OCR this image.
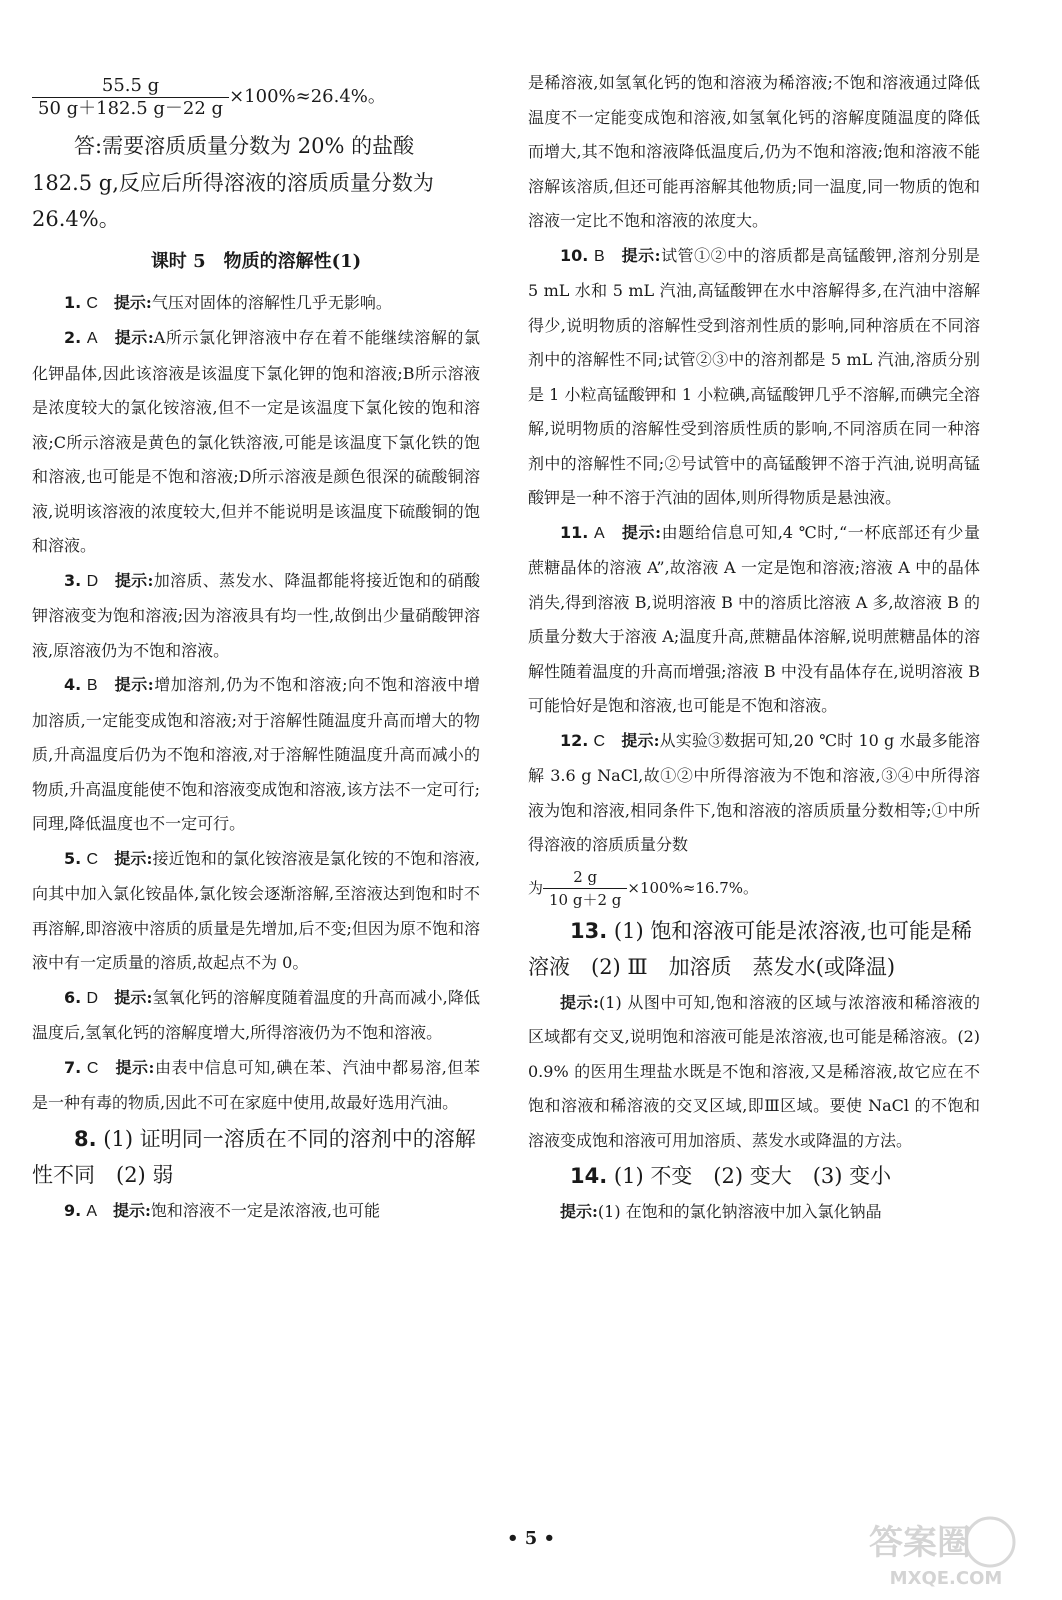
$\frac{55.5 g}{50 g+182.5 g-22 g} \times 100\%\approx 26.4\%$。

答:需要溶质质量分数为 20% 的盐酸 182.5 g,反应后所得溶液的溶质质量分数为 26.4%。

课时 5　物质的溶解性(1)

1. C　 提示:气压对固体的溶解性几乎无影响。

2. A　 提示:A所示氯化钾溶液中存在着不能继续溶解的氯化钾晶体,因此该溶液是该温度下氯化钾的饱和溶液;B所示溶液是浓度较大的氯化铵溶液,但不一定是该温度下氯化铵的饱和溶液;C所示溶液是黄色的氯化铁溶液,可能是该温度下氯化铁的饱和溶液,也可能是不饱和溶液;D所示溶液是颜色很深的硫酸铜溶液,说明该溶液的浓度较大,但并不能说明是该温度下硫酸铜的饱和溶液。

3. D　 提示:加溶质、蒸发水、降温都能将接近饱和的硝酸钾溶液变为饱和溶液;因为溶液具有均一性,故倒出少量硝酸钾溶液,原溶液仍为不饱和溶液。

4. B　 提示:增加溶剂,仍为不饱和溶液;向不饱和溶液中增加溶质,一定能变成饱和溶液;对于溶解性随温度升高而增大的物质,升高温度后仍为不饱和溶液,对于溶解性随温度升高而减小的物质,升高温度能使不饱和溶液变成饱和溶液,该方法不一定可行;同理,降低温度也不一定可行。

5. C　 提示:接近饱和的氯化铵溶液是氯化铵的不饱和溶液,向其中加入氯化铵晶体,氯化铵会逐渐溶解,至溶液达到饱和时不再溶解,即溶液中溶质的质量是先增加,后不变;但因为原不饱和溶液中有一定质量的溶质,故起点不为 0。

6. D　 提示:氢氧化钙的溶解度随着温度的升高而减小,降低温度后,氢氧化钙的溶解度增大,所得溶液仍为不饱和溶液。

7. C　 提示:由表中信息可知,碘在苯、汽油中都易溶,但苯是一种有毒的物质,因此不可在家庭中使用,故最好选用汽油。

8. (1) 证明同一溶质在不同的溶剂中的溶解性不同　(2) 弱

9. A　 提示:饱和溶液不一定是浓溶液,也可能

是稀溶液,如氢氧化钙的饱和溶液为稀溶液;不饱和溶液通过降低温度不一定能变成饱和溶液,如氢氧化钙的溶解度随温度的降低而增大,其不饱和溶液降低温度后,仍为不饱和溶液;饱和溶液不能溶解该溶质,但还可能再溶解其他物质;同一温度,同一物质的饱和溶液一定比不饱和溶液的浓度大。

10. B　 提示:试管①②中的溶质都是高锰酸钾,溶剂分别是 5 mL 水和 5 mL 汽油,高锰酸钾在水中溶解得多,在汽油中溶解得少,说明物质的溶解性受到溶剂性质的影响,同种溶质在不同溶剂中的溶解性不同;试管②③中的溶剂都是 5 mL 汽油,溶质分别是 1 小粒高锰酸钾和 1 小粒碘,高锰酸钾几乎不溶解,而碘完全溶解,说明物质的溶解性受到溶质性质的影响,不同溶质在同一种溶剂中的溶解性不同;②号试管中的高锰酸钾不溶于汽油,说明高锰酸钾是一种不溶于汽油的固体,则所得物质是悬浊液。

11. A　 提示:由题给信息可知,4 ℃时,“一杯底部还有少量蔗糖晶体的溶液 A”,故溶液 A 一定是饱和溶液;溶液 A 中的晶体消失,得到溶液 B,说明溶液 B 中的溶质比溶液 A 多,故溶液 B 的质量分数大于溶液 A;温度升高,蔗糖晶体溶解,说明蔗糖晶体的溶解性随着温度的升高而增强;溶液 B 中没有晶体存在,说明溶液 B 可能恰好是饱和溶液,也可能是不饱和溶液。

12. C　 提示:从实验③数据可知,20 ℃时 10 g 水最多能溶解 3.6 g NaCl,故①②中所得溶液为不饱和溶液,③④中所得溶液为饱和溶液,相同条件下,饱和溶液的溶质质量分数相等;①中所得溶液的溶质质量分数

为 $\frac{2 g}{10 g+2 g} \times 100\%\approx 16.7\%$。

13. (1) 饱和溶液可能是浓溶液,也可能是稀溶液　(2) Ⅲ　加溶质　蒸发水(或降温)

提示:(1) 从图中可知,饱和溶液的区域与浓溶液和稀溶液的区域都有交叉,说明饱和溶液可能是浓溶液,也可能是稀溶液。(2) 0.9% 的医用生理盐水既是不饱和溶液,又是稀溶液,故它应在不饱和溶液和稀溶液的交叉区域,即Ⅲ区域。要使 NaCl 的不饱和溶液变成饱和溶液可用加溶质、蒸发水或降温的方法。

14. (1) 不变　(2) 变大　(3) 变小

提示:(1) 在饱和的氯化钠溶液中加入氯化钠晶

• 5 •	答案圈
MXQE.COM
